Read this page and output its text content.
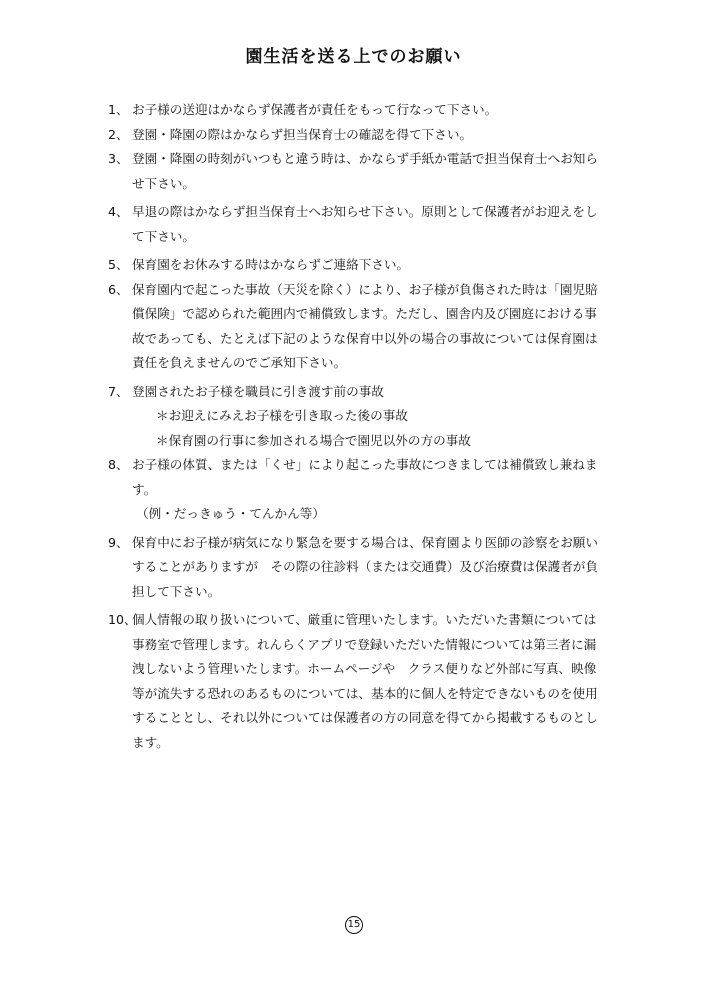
園生活を送る上でのお願い
1、 お子様の送迎はかならず保護者が責任をもって行なって下さい。
2、 登園・降園の際はかならず担当保育士の確認を得て下さい。
3、 登園・降園の時刻がいつもと違う時は、かならず手紙か電話で担当保育士へお知ら
せ下さい。
4、 早退の際はかならず担当保育士へお知らせ下さい。原則として保護者がお迎えをし
て下さい。
5、 保育園をお休みする時はかならずご連絡下さい。
6、 保育園内で起こった事故（天災を除く）により、お子様が負傷された時は「園児賠
償保険」で認められた範囲内で補償致します。ただし、園舎内及び園庭における事
故であっても、たとえば下記のような保育中以外の場合の事故については保育園は
責任を負えませんのでご承知下さい。
7、 登園されたお子様を職員に引き渡す前の事故
＊お迎えにみえお子様を引き取った後の事故
＊保育園の行事に参加される場合で園児以外の方の事故
8、 お子様の体質、または「くせ」により起こった事故につきましては補償致し兼ねま
す。
（例・だっきゅう・てんかん等）
9、 保育中にお子様が病気になり緊急を要する場合は、保育園より医師の診察をお願い
することがありますが　その際の往診料（または交通費）及び治療費は保護者が負
担して下さい。
10、
個人情報の取り扱いについて、厳重に管理いたします。いただいた書類については
事務室で管理します。れんらくアプリで登録いただいた情報については第三者に漏
洩しないよう管理いたします。ホームページや　クラス便りなど外部に写真、映像
等が流失する恐れのあるものについては、基本的に個人を特定できないものを使用
することとし、それ以外については保護者の方の同意を得てから掲載するものとし
ます。
15
